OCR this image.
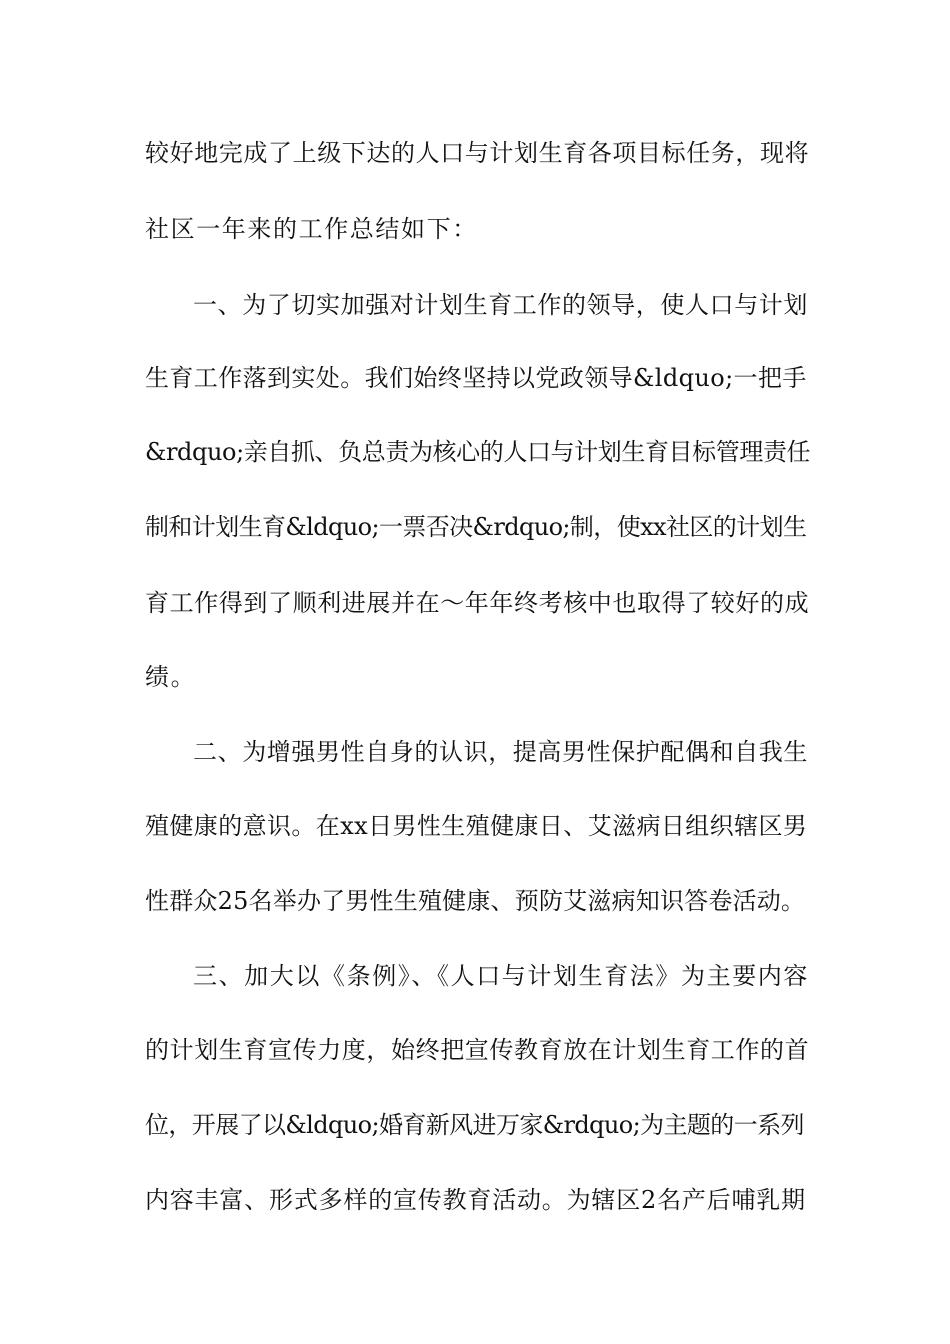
较好地完成了上级下达的人口与计划生育各项目标任务，现将
社区一年来的工作总结如下：
一、为了切实加强对计划生育工作的领导，使人口与计划
生育工作落到实处。我们始终坚持以党政领导&ldquo;一把手
&rdquo;亲自抓、负总责为核心的人口与计划生育目标管理责任
制和计划生育&ldquo;一票否决&rdquo;制，使xx社区的计划生
育工作得到了顺利进展并在～年年终考核中也取得了较好的成
绩。
二、为增强男性自身的认识，提高男性保护配偶和自我生
殖健康的意识。在xx日男性生殖健康日、艾滋病日组织辖区男
性群众25名举办了男性生殖健康、预防艾滋病知识答卷活动。
三、加大以《条例》、《人口与计划生育法》为主要内容
的计划生育宣传力度，始终把宣传教育放在计划生育工作的首
位，开展了以&ldquo;婚育新风进万家&rdquo;为主题的一系列
内容丰富、形式多样的宣传教育活动。为辖区2名产后哺乳期
